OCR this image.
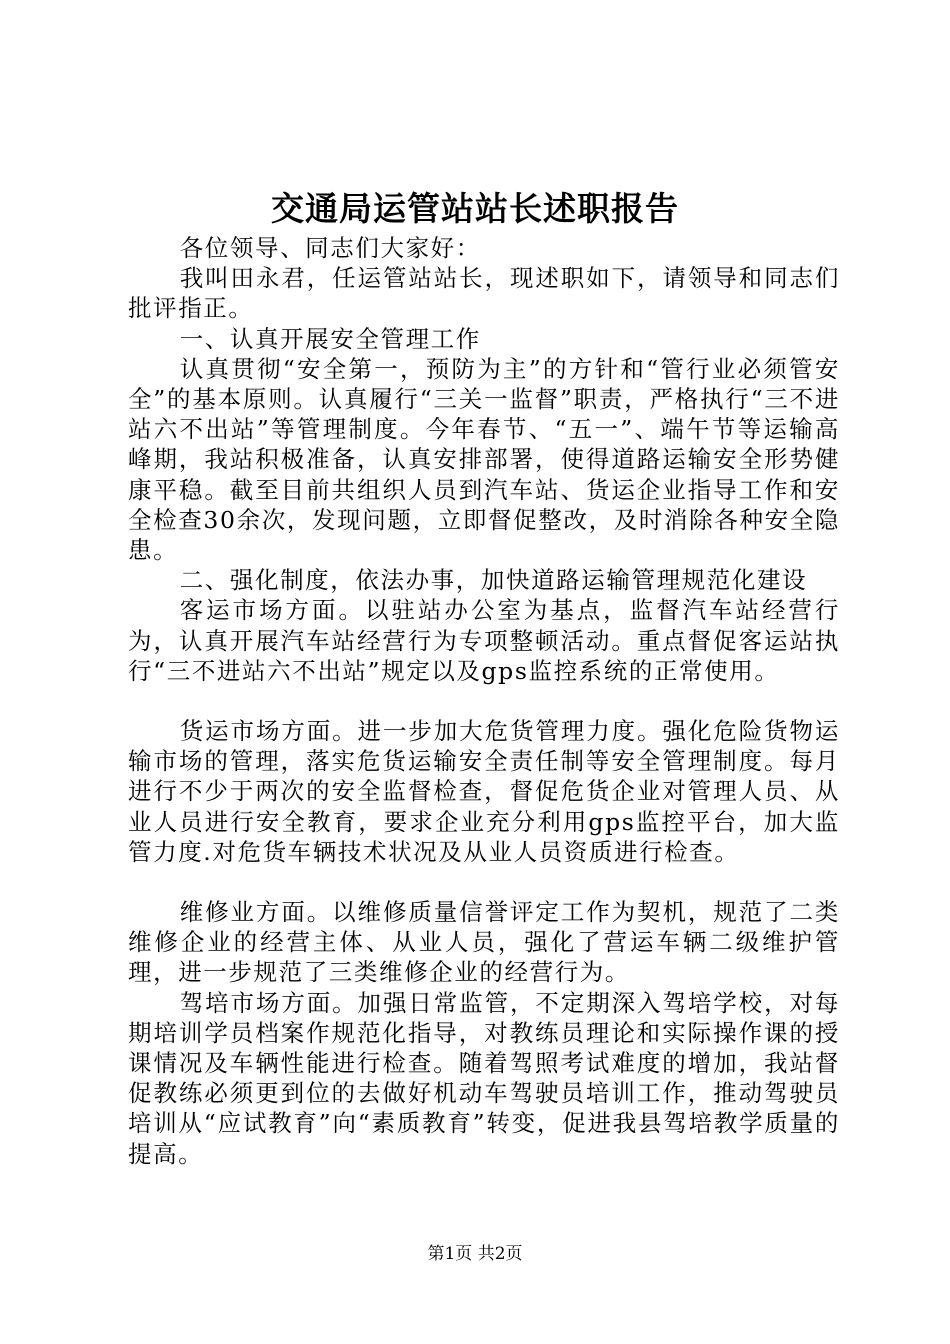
交通局运管站站长述职报告

各位领导、同志们大家好：

我叫田永君，任运管站站长，现述职如下，请领导和同志们批评指正。

一、认真开展安全管理工作

认真贯彻“安全第一，预防为主”的方针和“管行业必须管安全”的基本原则。认真履行“三关一监督”职责，严格执行“三不进站六不出站”等管理制度。今年春节、“五一”、端午节等运输高峰期，我站积极准备，认真安排部署，使得道路运输安全形势健康平稳。截至目前共组织人员到汽车站、货运企业指导工作和安全检查30余次，发现问题，立即督促整改，及时消除各种安全隐患。

二、强化制度，依法办事，加快道路运输管理规范化建设

客运市场方面。以驻站办公室为基点，监督汽车站经营行为，认真开展汽车站经营行为专项整顿活动。重点督促客运站执行“三不进站六不出站”规定以及gps监控系统的正常使用。

货运市场方面。进一步加大危货管理力度。强化危险货物运输市场的管理，落实危货运输安全责任制等安全管理制度。每月进行不少于两次的安全监督检查，督促危货企业对管理人员、从业人员进行安全教育，要求企业充分利用gps监控平台，加大监管力度.对危货车辆技术状况及从业人员资质进行检查。

维修业方面。以维修质量信誉评定工作为契机，规范了二类维修企业的经营主体、从业人员，强化了营运车辆二级维护管理，进一步规范了三类维修企业的经营行为。

驾培市场方面。加强日常监管，不定期深入驾培学校，对每期培训学员档案作规范化指导，对教练员理论和实际操作课的授课情况及车辆性能进行检查。随着驾照考试难度的增加，我站督促教练必须更到位的去做好机动车驾驶员培训工作，推动驾驶员培训从“应试教育”向“素质教育”转变，促进我县驾培教学质量的提高。

第1页 共2页
